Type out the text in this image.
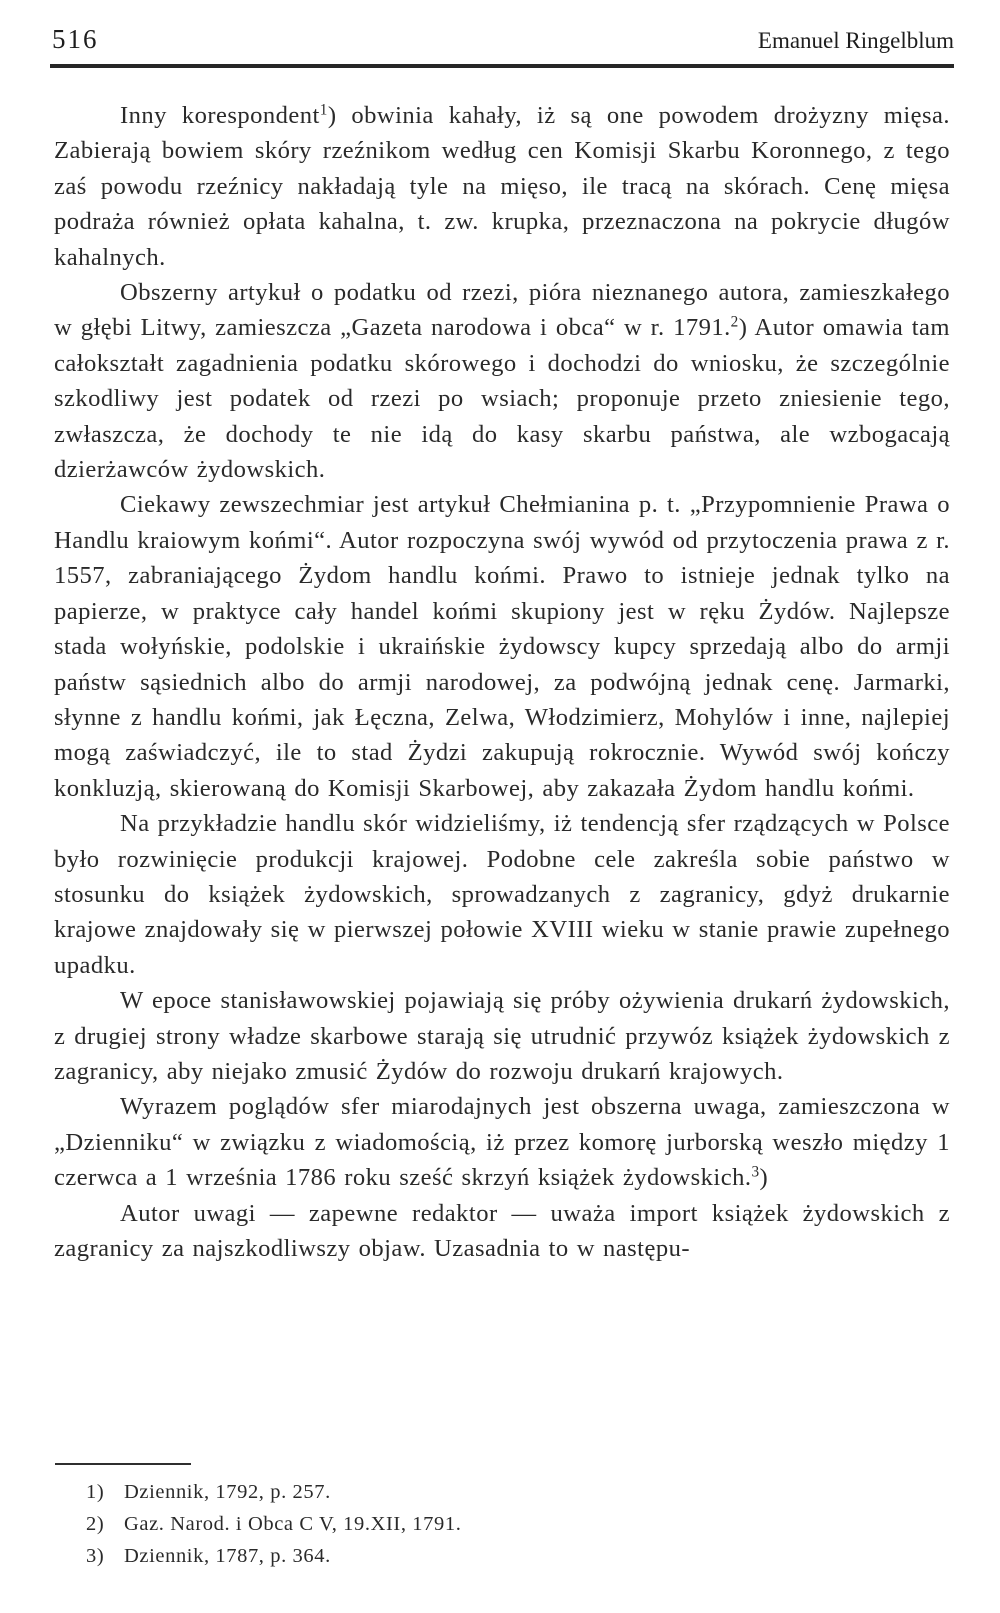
516	Emanuel Ringelblum

Inny korespondent$^1$) obwinia kahały, iż są one powodem drożyzny mięsa. Zabierają bowiem skóry rzeźnikom według cen Komisji Skarbu Koronnego, z tego zaś powodu rzeźnicy nakładają tyle na mięso, ile tracą na skórach. Cenę mięsa podraża również opłata kahalna, t. zw. krupka, przeznaczona na pokrycie długów kahalnych.

Obszerny artykuł o podatku od rzezi, pióra nieznanego autora, zamieszkałego w głębi Litwy, zamieszcza „Gazeta narodowa i obca“ w r. 1791.$^2$) Autor omawia tam całokształt zagadnienia podatku skórowego i dochodzi do wniosku, że szczególnie szkodliwy jest podatek od rzezi po wsiach; proponuje przeto zniesienie tego, zwłaszcza, że dochody te nie idą do kasy skarbu państwa, ale wzbogacają dzierżawców żydowskich.

Ciekawy zewszechmiar jest artykuł Chełmianina p. t. „Przypomnienie Prawa o Handlu kraiowym końmi“. Autor rozpoczyna swój wywód od przytoczenia prawa z r. 1557, zabraniającego Żydom handlu końmi. Prawo to istnieje jednak tylko na papierze, w praktyce cały handel końmi skupiony jest w ręku Żydów. Najlepsze stada wołyńskie, podolskie i ukraińskie żydowscy kupcy sprzedają albo do armji państw sąsiednich albo do armji narodowej, za podwójną jednak cenę. Jarmarki, słynne z handlu końmi, jak Łęczna, Zelwa, Włodzimierz, Mohylów i inne, najlepiej mogą zaświadczyć, ile to stad Żydzi zakupują rokrocznie. Wywód swój kończy konkluzją, skierowaną do Komisji Skarbowej, aby zakazała Żydom handlu końmi.

Na przykładzie handlu skór widzieliśmy, iż tendencją sfer rządzących w Polsce było rozwinięcie produkcji krajowej. Podobne cele zakreśla sobie państwo w stosunku do książek żydowskich, sprowadzanych z zagranicy, gdyż drukarnie krajowe znajdowały się w pierwszej połowie XVIII wieku w stanie prawie zupełnego upadku.

W epoce stanisławowskiej pojawiają się próby ożywienia drukarń żydowskich, z drugiej strony władze skarbowe starają się utrudnić przywóz książek żydowskich z zagranicy, aby niejako zmusić Żydów do rozwoju drukarń krajowych.

Wyrazem poglądów sfer miarodajnych jest obszerna uwaga, zamieszczona w „Dzienniku“ w związku z wiadomością, iż przez komorę jurborską weszło między 1 czerwca a 1 września 1786 roku sześć skrzyń książek żydowskich.$^3$)

Autor uwagi — zapewne redaktor — uważa import książek żydowskich z zagranicy za najszkodliwszy objaw. Uzasadnia to w następu-

1) Dziennik, 1792, p. 257.

2) Gaz. Narod. i Obca C V, 19.XII, 1791.

3) Dziennik, 1787, p. 364.
